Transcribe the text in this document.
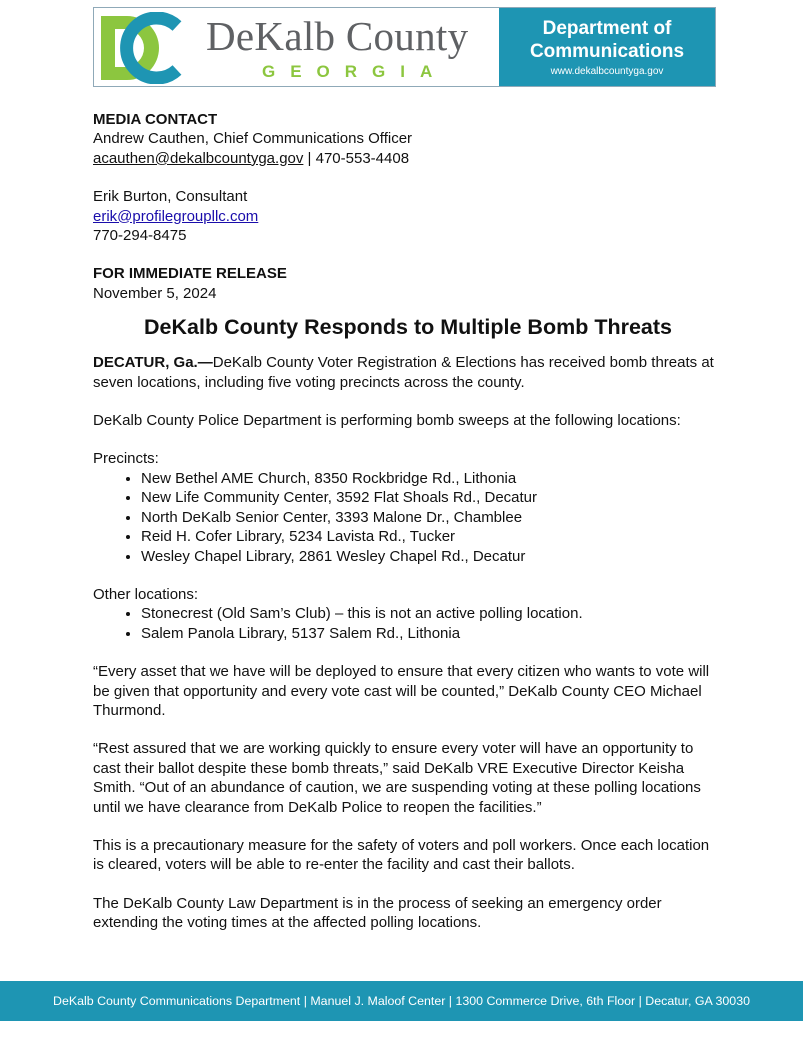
DeKalb County
GEORGIA
Department of
Communications
www.dekalbcountyga.gov
MEDIA CONTACT
Andrew Cauthen, Chief Communications Officer
acauthen@dekalbcountyga.gov | 470-553-4408
Erik Burton, Consultant
erik@profilegroupllc.com
770-294-8475
FOR IMMEDIATE RELEASE
November 5, 2024
DeKalb County Responds to Multiple Bomb Threats

DECATUR, Ga.—DeKalb County Voter Registration & Elections has received bomb threats at seven locations, including five voting precincts across the county.

DeKalb County Police Department is performing bomb sweeps at the following locations:

Precincts:
• New Bethel AME Church, 8350 Rockbridge Rd., Lithonia
• New Life Community Center, 3592 Flat Shoals Rd., Decatur
• North DeKalb Senior Center, 3393 Malone Dr., Chamblee
• Reid H. Cofer Library, 5234 Lavista Rd., Tucker
• Wesley Chapel Library, 2861 Wesley Chapel Rd., Decatur
Other locations:
• Stonecrest (Old Sam’s Club) – this is not an active polling location.
• Salem Panola Library, 5137 Salem Rd., Lithonia

“Every asset that we have will be deployed to ensure that every citizen who wants to vote will be given that opportunity and every vote cast will be counted,” DeKalb County CEO Michael Thurmond.

“Rest assured that we are working quickly to ensure every voter will have an opportunity to cast their ballot despite these bomb threats,” said DeKalb VRE Executive Director Keisha Smith. “Out of an abundance of caution, we are suspending voting at these polling locations until we have clearance from DeKalb Police to reopen the facilities.”

This is a precautionary measure for the safety of voters and poll workers. Once each location is cleared, voters will be able to re-enter the facility and cast their ballots.

The DeKalb County Law Department is in the process of seeking an emergency order extending the voting times at the affected polling locations.

DeKalb County Communications Department | Manuel J. Maloof Center | 1300 Commerce Drive, 6th Floor | Decatur, GA 30030
